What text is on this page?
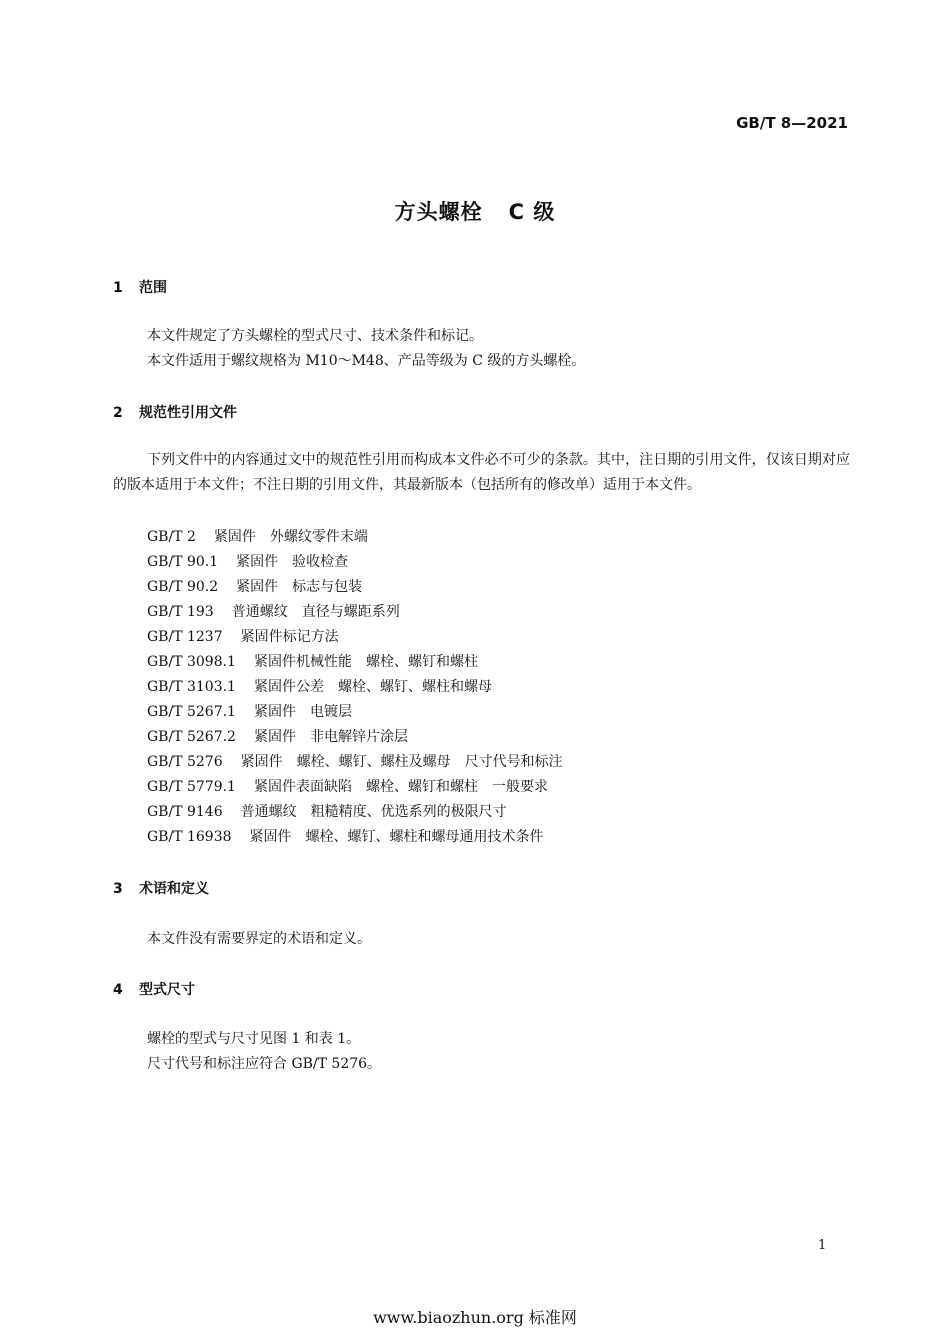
GB/T 8—2021
方头螺栓 C 级
1 范围
本文件规定了方头螺栓的型式尺寸、技术条件和标记。
本文件适用于螺纹规格为 M10～M48、产品等级为 C 级的方头螺栓。
2 规范性引用文件
下列文件中的内容通过文中的规范性引用而构成本文件必不可少的条款。其中，注日期的引用文件，仅该日期对应的版本适用于本文件；不注日期的引用文件，其最新版本（包括所有的修改单）适用于本文件。
GB/T 2 紧固件　外螺纹零件末端
GB/T 90.1 紧固件　验收检查
GB/T 90.2 紧固件　标志与包装
GB/T 193 普通螺纹　直径与螺距系列
GB/T 1237 紧固件标记方法
GB/T 3098.1 紧固件机械性能　螺栓、螺钉和螺柱
GB/T 3103.1 紧固件公差　螺栓、螺钉、螺柱和螺母
GB/T 5267.1 紧固件　电镀层
GB/T 5267.2 紧固件　非电解锌片涂层
GB/T 5276 紧固件　螺栓、螺钉、螺柱及螺母　尺寸代号和标注
GB/T 5779.1 紧固件表面缺陷　螺栓、螺钉和螺柱　一般要求
GB/T 9146 普通螺纹　粗糙精度、优选系列的极限尺寸
GB/T 16938 紧固件　螺栓、螺钉、螺柱和螺母通用技术条件
3 术语和定义
本文件没有需要界定的术语和定义。
4 型式尺寸
螺栓的型式与尺寸见图 1 和表 1。
尺寸代号和标注应符合 GB/T 5276。
1
www.biaozhun.org 标准网
